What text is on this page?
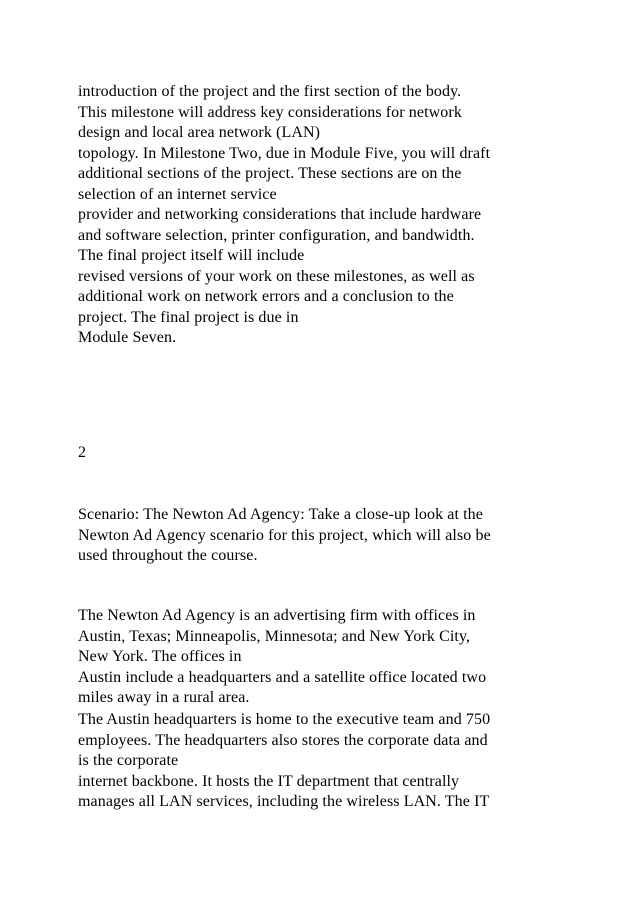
introduction of the project and the first section of the body.
This milestone will address key considerations for network
design and local area network (LAN)
topology. In Milestone Two, due in Module Five, you will draft
additional sections of the project. These sections are on the
selection of an internet service
provider and networking considerations that include hardware
and software selection, printer configuration, and bandwidth.
The final project itself will include
revised versions of your work on these milestones, as well as
additional work on network errors and a conclusion to the
project. The final project is due in
Module Seven.
2
Scenario: The Newton Ad Agency: Take a close-up look at the
Newton Ad Agency scenario for this project, which will also be
used throughout the course.
The Newton Ad Agency is an advertising firm with offices in
Austin, Texas; Minneapolis, Minnesota; and New York City,
New York. The offices in
Austin include a headquarters and a satellite office located two
miles away in a rural area.
The Austin headquarters is home to the executive team and 750
employees. The headquarters also stores the corporate data and
is the corporate
internet backbone. It hosts the IT department that centrally
manages all LAN services, including the wireless LAN. The IT
